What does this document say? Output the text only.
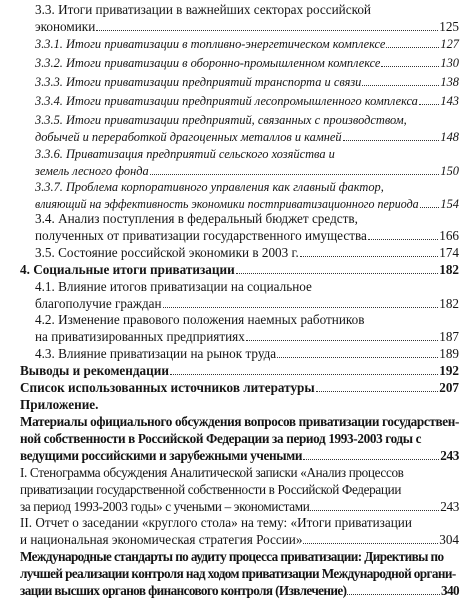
3.3. Итоги приватизации в важнейших секторах российской
экономики	125
3.3.1. Итоги приватизации в топливно-энергетическом комплексе	127
3.3.2. Итоги приватизации в оборонно-промышленном комплексе	130
3.3.3. Итоги приватизации предприятий транспорта и связи	138
3.3.4. Итоги приватизации предприятий лесопромышленного комплекса 143
3.3.5. Итоги приватизации предприятий, связанных с производством,
добычей и переработкой драгоценных металлов и камней	148
3.3.6. Приватизация предприятий сельского хозяйства и
земель лесного фонда	150
3.3.7. Проблема корпоративного управления как главный фактор,
влияющий на эффективность экономики постприватизационного периода 154
3.4. Анализ поступления в федеральный бюджет средств,
полученных от приватизации государственного имущества	166
3.5. Состояние российской экономики в 2003 г.	174
4. Социальные итоги приватизации	182
4.1. Влияние итогов приватизации на социальное
благополучие граждан	182
4.2. Изменение правового положения наемных работников
на приватизированных предприятиях	187
4.3. Влияние приватизации на рынок труда	189
Выводы и рекомендации	192
Список использованных источников литературы	207
Приложение.
Материалы официального обсуждения вопросов приватизации государствен-
ной собственности в Российской Федерации за период 1993-2003 годы с
ведущими российскими и зарубежными учеными	243
I. Стенограмма обсуждения Аналитической записки «Анализ процессов
приватизации государственной собственности в Российской Федерации
за период 1993-2003 годы» с учеными – экономистами	243
II. Отчет о заседании «круглого стола» на тему: «Итоги приватизации
и национальная экономическая стратегия России»	304
Международные стандарты по аудиту процесса приватизации: Директивы по
лучшей реализации контроля над ходом приватизации Международной органи-
зации высших органов финансового контроля (Извлечение)	340
